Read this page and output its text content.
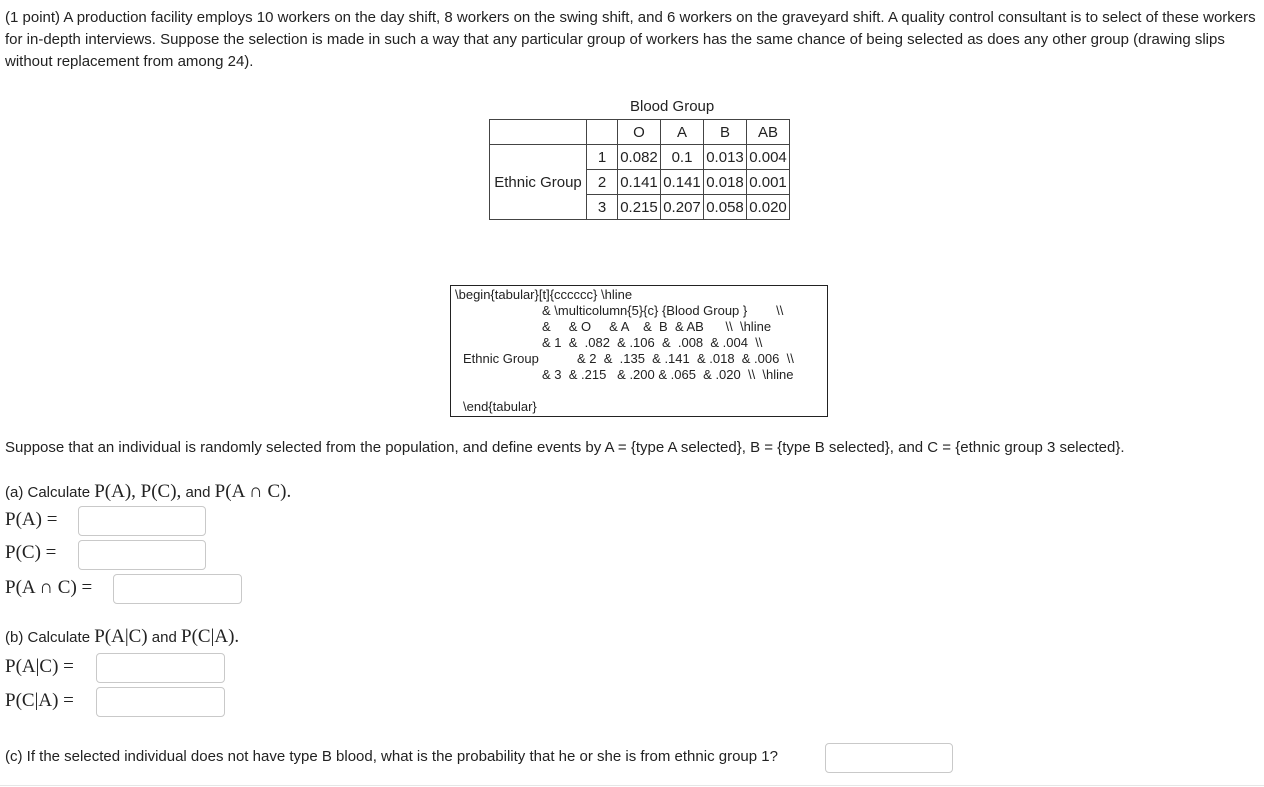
(1 point) A production facility employs 10 workers on the day shift, 8 workers on the swing shift, and 6 workers on the graveyard shift. A quality control consultant is to select of these workers for in-depth interviews. Suppose the selection is made in such a way that any particular group of workers has the same chance of being selected as does any other group (drawing slips without replacement from among 24).
Blood Group
		O	A	B	AB
	1	0.082	0.1	0.013	0.004
Ethnic Group	2	0.141	0.141	0.018	0.001
	3	0.215	0.207	0.058	0.020
\begin{tabular}[t]{cccccc} \hline
& \multicolumn{5}{c} {Blood Group }        \\
&     & O     & A    &  B  & AB      \\  \hline
& 1  &  .082  & .106  &  .008  & .004  \\
Ethnic Group	& 2  &  .135  & .141  & .018  & .006  \\
& 3  & .215   & .200 & .065  & .020  \\  \hline
\end{tabular}
Suppose that an individual is randomly selected from the population, and define events by A = {type A selected}, B = {type B selected}, and C = {ethnic group 3 selected}.
(a) Calculate P(A), P(C), and P(A ∩ C).
P(A) =
P(C) =
P(A ∩ C) =
(b) Calculate P(A|C) and P(C|A).
P(A|C) =
P(C|A) =
(c) If the selected individual does not have type B blood, what is the probability that he or she is from ethnic group 1?
